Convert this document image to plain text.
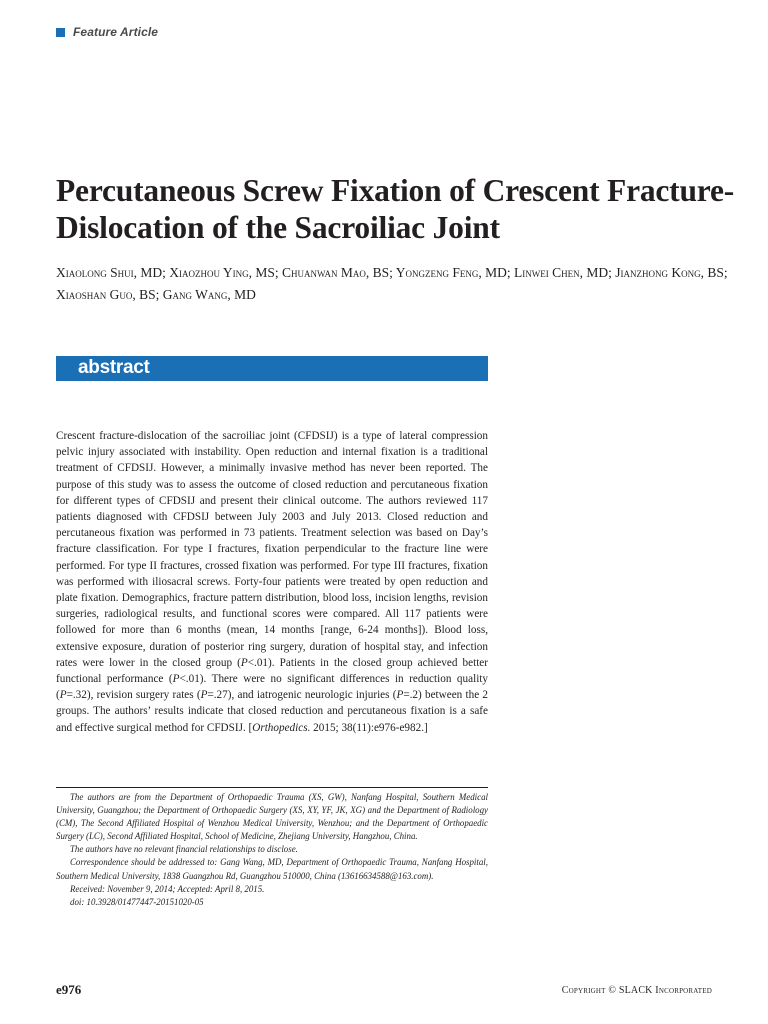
Feature Article
Percutaneous Screw Fixation of Crescent Fracture-Dislocation of the Sacroiliac Joint
Xiaolong Shui, MD; Xiaozhou Ying, MS; Chuanwan Mao, BS; Yongzeng Feng, MD; Linwei Chen, MD; Jianzhong Kong, BS; Xiaoshan Guo, BS; Gang Wang, MD
abstract

Crescent fracture-dislocation of the sacroiliac joint (CFDSIJ) is a type of lateral compression pelvic injury associated with instability. Open reduction and internal fixation is a traditional treatment of CFDSIJ. However, a minimally invasive method has never been reported. The purpose of this study was to assess the outcome of closed reduction and percutaneous fixation for different types of CFDSIJ and present their clinical outcome. The authors reviewed 117 patients diagnosed with CFDSIJ between July 2003 and July 2013. Closed reduction and percutaneous fixation was performed in 73 patients. Treatment selection was based on Day’s fracture classification. For type I fractures, fixation perpendicular to the fracture line were performed. For type II fractures, crossed fixation was performed. For type III fractures, fixation was performed with iliosacral screws. Forty-four patients were treated by open reduction and plate fixation. Demographics, fracture pattern distribution, blood loss, incision lengths, revision surgeries, radiological results, and functional scores were compared. All 117 patients were followed for more than 6 months (mean, 14 months [range, 6-24 months]). Blood loss, extensive exposure, duration of posterior ring surgery, duration of hospital stay, and infection rates were lower in the closed group (P<.01). Patients in the closed group achieved better functional performance (P<.01). There were no significant differences in reduction quality (P=.32), revision surgery rates (P=.27), and iatrogenic neurologic injuries (P=.2) between the 2 groups. The authors’ results indicate that closed reduction and percutaneous fixation is a safe and effective surgical method for CFDSIJ. [Orthopedics. 2015; 38(11):e976-e982.]

The authors are from the Department of Orthopaedic Trauma (XS, GW), Nanfang Hospital, Southern Medical University, Guangzhou; the Department of Orthopaedic Surgery (XS, XY, YF, JK, XG) and the Department of Radiology (CM), The Second Affiliated Hospital of Wenzhou Medical University, Wenzhou; and the Department of Orthopaedic Surgery (LC), Second Affiliated Hospital, School of Medicine, Zhejiang University, Hangzhou, China.

The authors have no relevant financial relationships to disclose.

Correspondence should be addressed to: Gang Wang, MD, Department of Orthopaedic Trauma, Nanfang Hospital, Southern Medical University, 1838 Guangzhou Rd, Guangzhou 510000, China (13616634588@163.com).

Received: November 9, 2014; Accepted: April 8, 2015.

doi: 10.3928/01477447-20151020-05

e976	Copyright © SLACK Incorporated
